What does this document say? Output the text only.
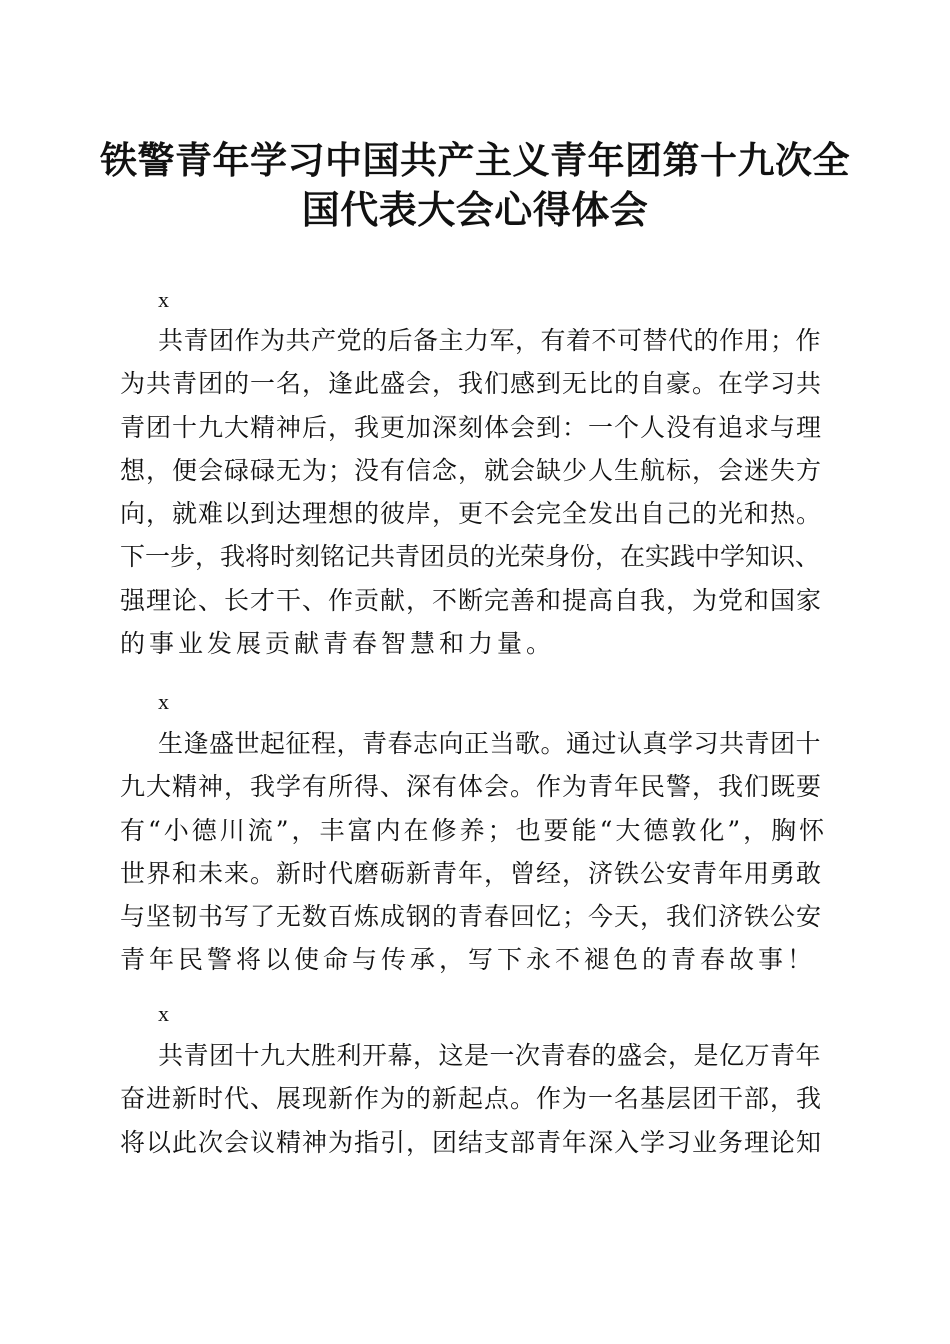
铁警青年学习中国共产主义青年团第十九次全
国代表大会心得体会
x
共青团作为共产党的后备主力军，有着不可替代的作用；作
为共青团的一名，逢此盛会，我们感到无比的自豪。在学习共
青团十九大精神后，我更加深刻体会到：一个人没有追求与理
想，便会碌碌无为；没有信念，就会缺少人生航标，会迷失方
向，就难以到达理想的彼岸，更不会完全发出自己的光和热。
下一步，我将时刻铭记共青团员的光荣身份，在实践中学知识、
强理论、长才干、作贡献，不断完善和提高自我，为党和国家
的事业发展贡献青春智慧和力量。
x
生逢盛世起征程，青春志向正当歌。通过认真学习共青团十
九大精神，我学有所得、深有体会。作为青年民警，我们既要
有“小德川流”，丰富内在修养；也要能“大德敦化”，胸怀
世界和未来。新时代磨砺新青年，曾经，济铁公安青年用勇敢
与坚韧书写了无数百炼成钢的青春回忆；今天，我们济铁公安
青年民警将以使命与传承，写下永不褪色的青春故事！
x
共青团十九大胜利开幕，这是一次青春的盛会，是亿万青年
奋进新时代、展现新作为的新起点。作为一名基层团干部，我
将以此次会议精神为指引，团结支部青年深入学习业务理论知
